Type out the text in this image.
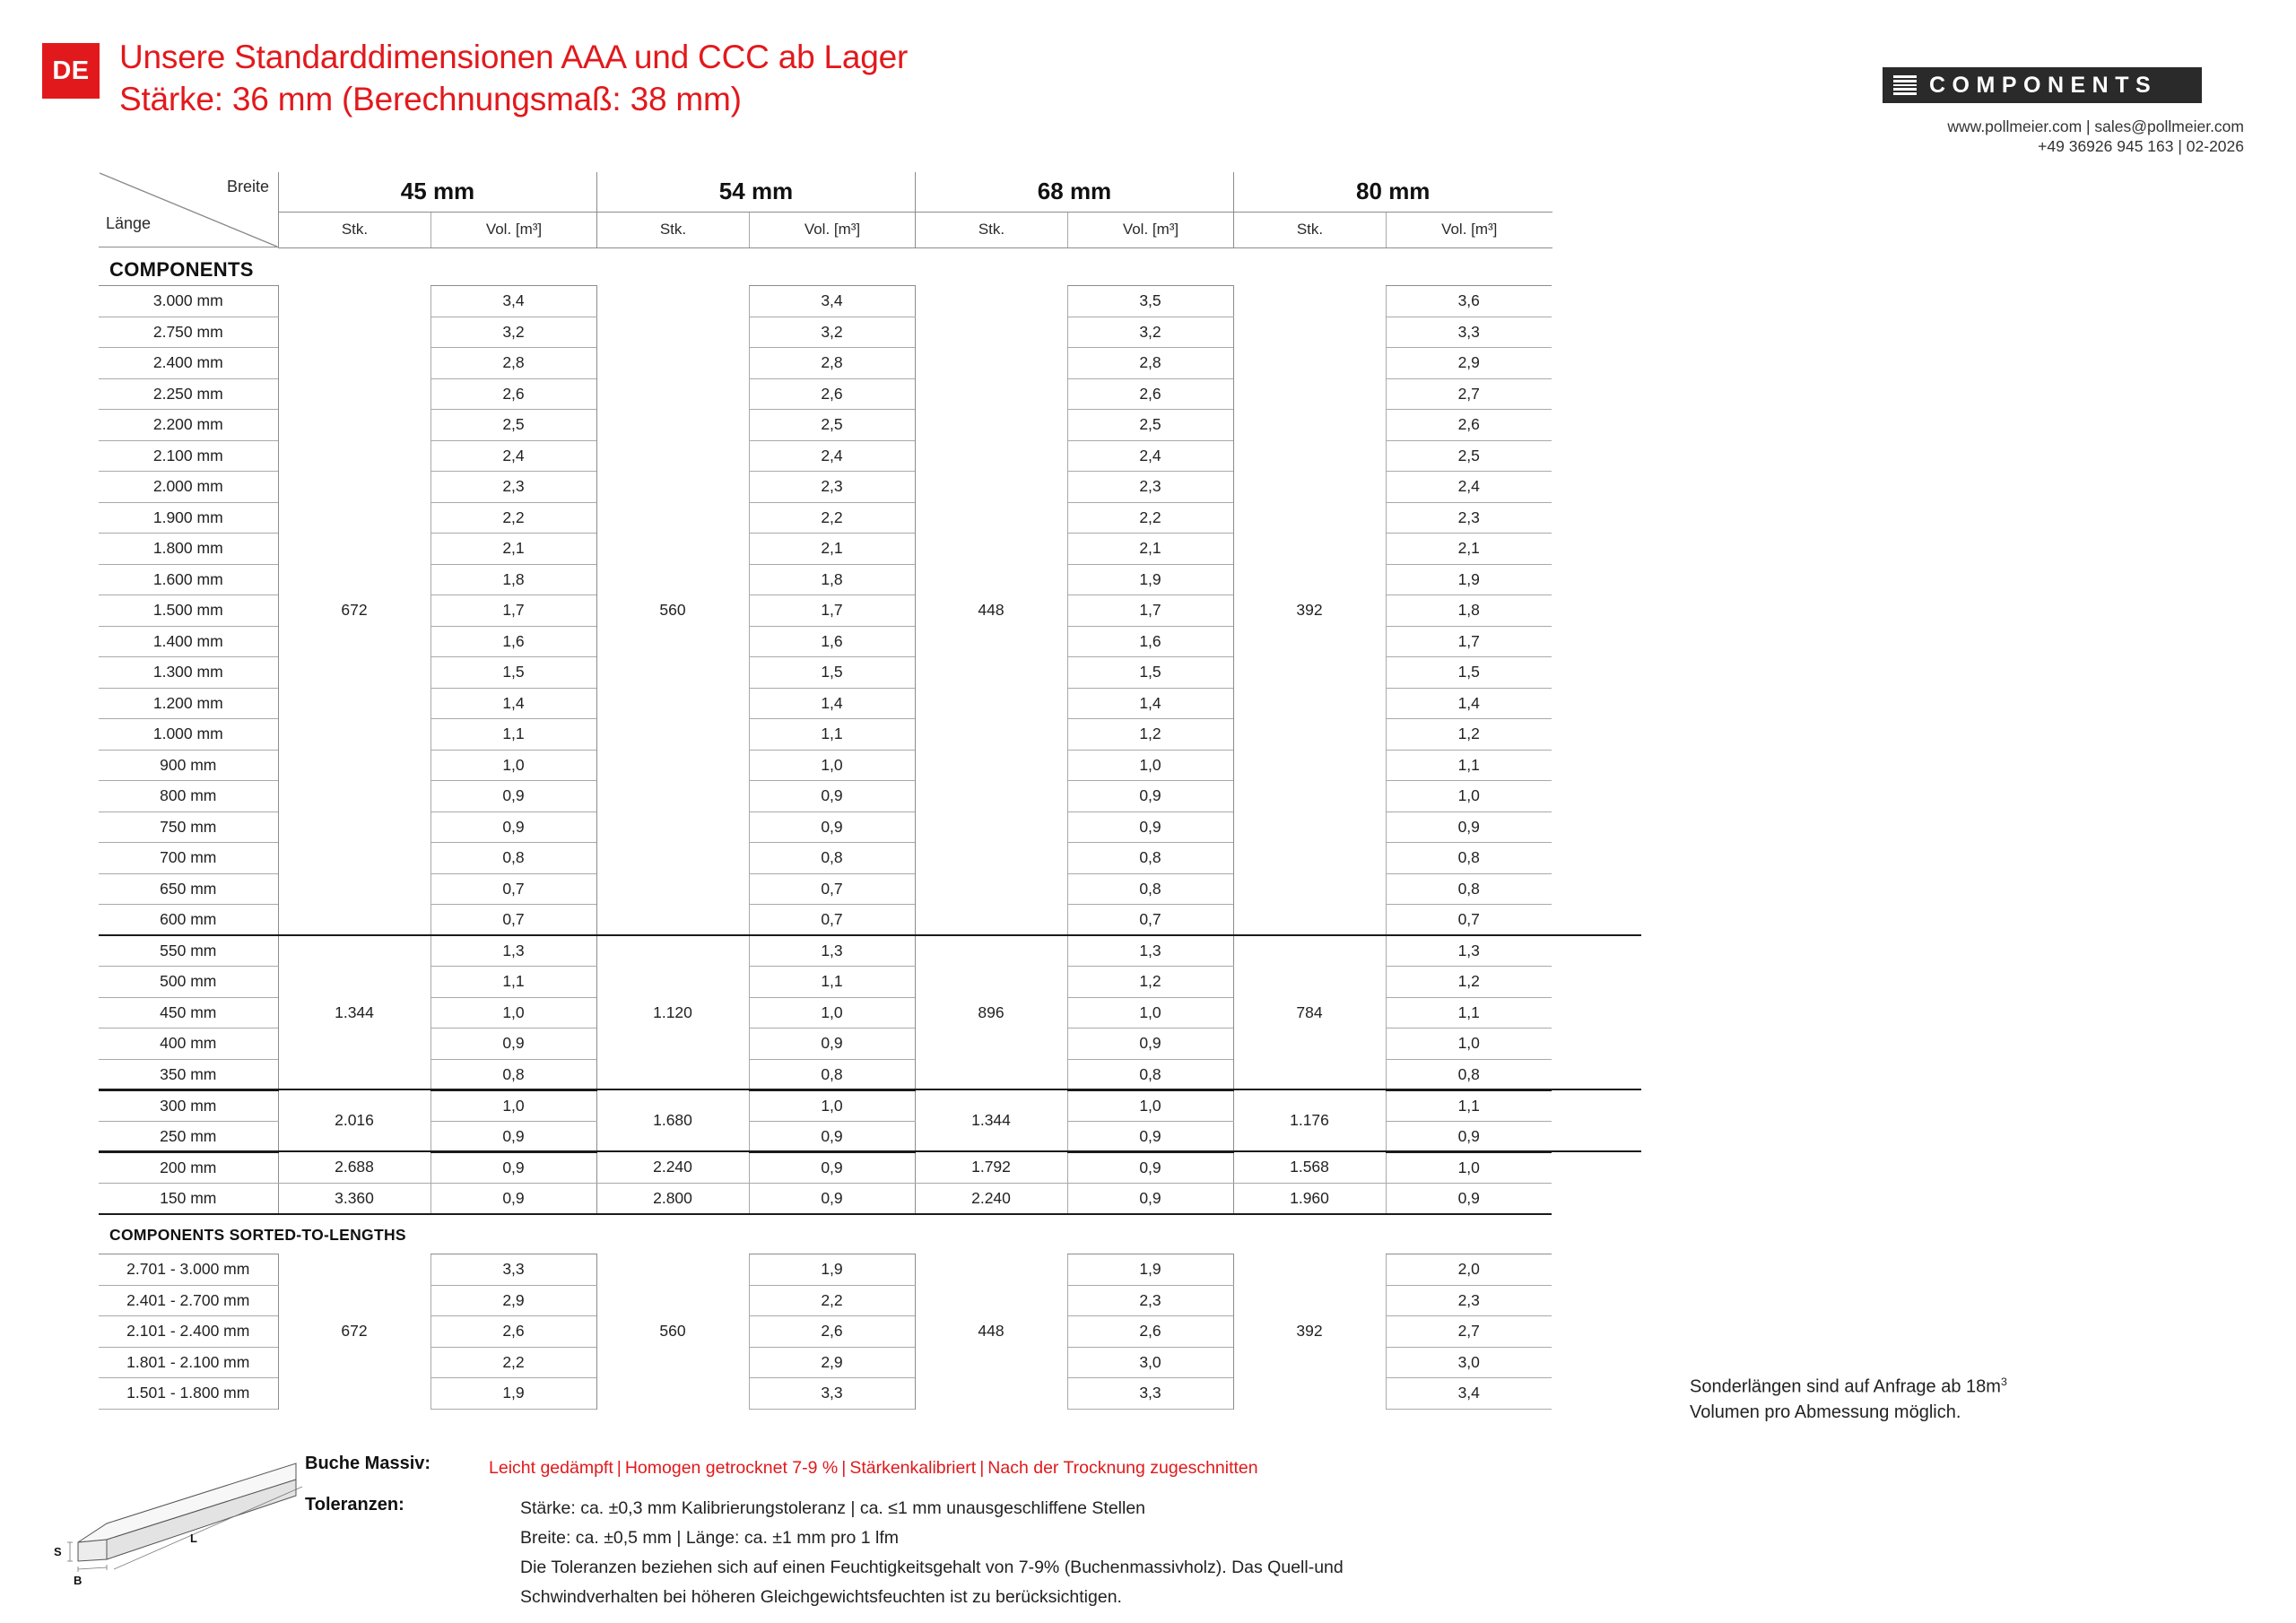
DE Unsere Standarddimensionen AAA und CCC ab Lager
Stärke: 36 mm (Berechnungsmaß: 38 mm)	COMPONENTS
www.pollmeier.com | sales@pollmeier.com
+49 36926 945 163 | 02-2026
Breite
Länge	45 mm		54 mm		68 mm		80 mm	
	Stk.	Vol. [m³]	Stk.	Vol. [m³]	Stk.	Vol. [m³]	Stk.	Vol. [m³]
COMPONENTS
3.000 mm	672	3,4	560	3,4	448	3,5	392	3,6
2.750 mm		3,2		3,2		3,2		3,3
2.400 mm		2,8		2,8		2,8		2,9
2.250 mm		2,6		2,6		2,6		2,7
2.200 mm		2,5		2,5		2,5		2,6
2.100 mm		2,4		2,4		2,4		2,5
2.000 mm		2,3		2,3		2,3		2,4
1.900 mm		2,2		2,2		2,2		2,3
1.800 mm		2,1		2,1		2,1		2,1
1.600 mm		1,8		1,8		1,9		1,9
1.500 mm		1,7		1,7		1,7		1,8
1.400 mm		1,6		1,6		1,6		1,7
1.300 mm		1,5		1,5		1,5		1,5
1.200 mm		1,4		1,4		1,4		1,4
1.000 mm		1,1		1,1		1,2		1,2
900 mm		1,0		1,0		1,0		1,1
800 mm		0,9		0,9		0,9		1,0
750 mm		0,9		0,9		0,9		0,9
700 mm		0,8		0,8		0,8		0,8
650 mm		0,7		0,7		0,8		0,8
600 mm		0,7		0,7		0,7		0,7
550 mm	1.344	1,3	1.120	1,3	896	1,3	784	1,3
500 mm		1,1		1,1		1,2		1,2
450 mm		1,0		1,0		1,0		1,1
400 mm		0,9		0,9		0,9		1,0
350 mm		0,8		0,8		0,8		0,8
300 mm	2.016	1,0	1.680	1,0	1.344	1,0	1.176	1,1
250 mm		0,9		0,9		0,9		0,9
200 mm	2.688	0,9	2.240	0,9	1.792	0,9	1.568	1,0
150 mm	3.360	0,9	2.800	0,9	2.240	0,9	1.960	0,9
COMPONENTS SORTED-TO-LENGTHS
2.701 - 3.000 mm	672	3,3	560	1,9	448	1,9	392	2,0
2.401 - 2.700 mm		2,9		2,2		2,3		2,3
2.101 - 2.400 mm		2,6		2,6		2,6		2,7
1.801 - 2.100 mm		2,2		2,9		3,0		3,0
1.501 - 1.800 mm		1,9		3,3		3,3		3,4	Sonderlängen sind auf Anfrage ab $18m^3$
Volumen pro Abmessung möglich.
S
B
L
Buche Massiv:	Leicht gedämpft | Homogen getrocknet 7-9 % | Stärkenkalibriert | Nach der Trocknung zugeschnitten
Toleranzen:	Stärke: ca. ±0,3 mm Kalibrierungstoleranz | ca. ≤1 mm unausgeschliffene Stellen
Breite: ca. ±0,5 mm | Länge: ca. ±1 mm pro 1 lfm
Die Toleranzen beziehen sich auf einen Feuchtigkeitsgehalt von 7-9% (Buchenmassivholz). Das Quell-und
Schwindverhalten bei höheren Gleichgewichtsfeuchten ist zu berücksichtigen.
